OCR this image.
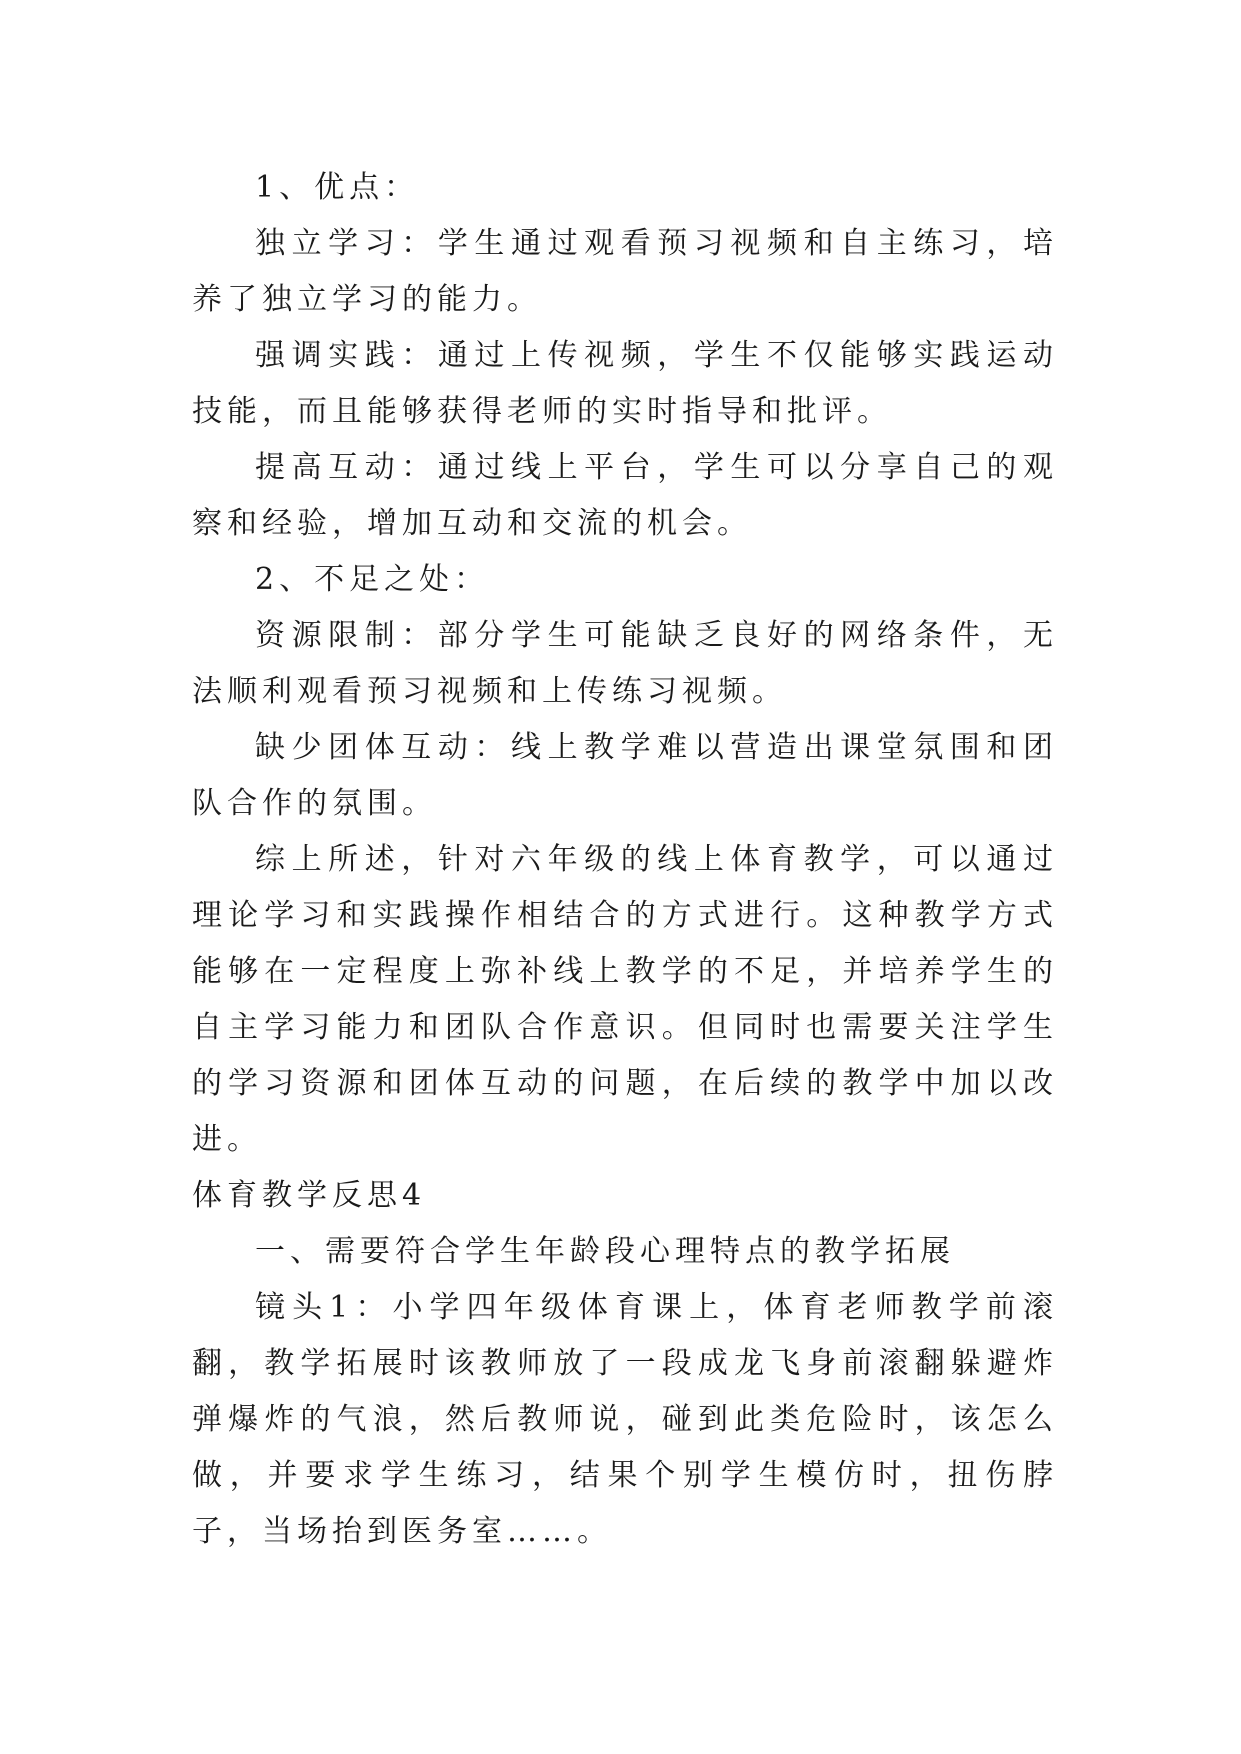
1、优点：

独立学习：学生通过观看预习视频和自主练习，培养了独立学习的能力。

强调实践：通过上传视频，学生不仅能够实践运动技能，而且能够获得老师的实时指导和批评。

提高互动：通过线上平台，学生可以分享自己的观察和经验，增加互动和交流的机会。

2、不足之处：

资源限制：部分学生可能缺乏良好的网络条件，无法顺利观看预习视频和上传练习视频。

缺少团体互动：线上教学难以营造出课堂氛围和团队合作的氛围。

综上所述，针对六年级的线上体育教学，可以通过理论学习和实践操作相结合的方式进行。这种教学方式能够在一定程度上弥补线上教学的不足，并培养学生的自主学习能力和团队合作意识。但同时也需要关注学生的学习资源和团体互动的问题，在后续的教学中加以改进。

体育教学反思4

一、需要符合学生年龄段心理特点的教学拓展

镜头1：小学四年级体育课上，体育老师教学前滚翻，教学拓展时该教师放了一段成龙飞身前滚翻躲避炸弹爆炸的气浪，然后教师说，碰到此类危险时，该怎么做，并要求学生练习，结果个别学生模仿时，扭伤脖子，当场抬到医务室……。
